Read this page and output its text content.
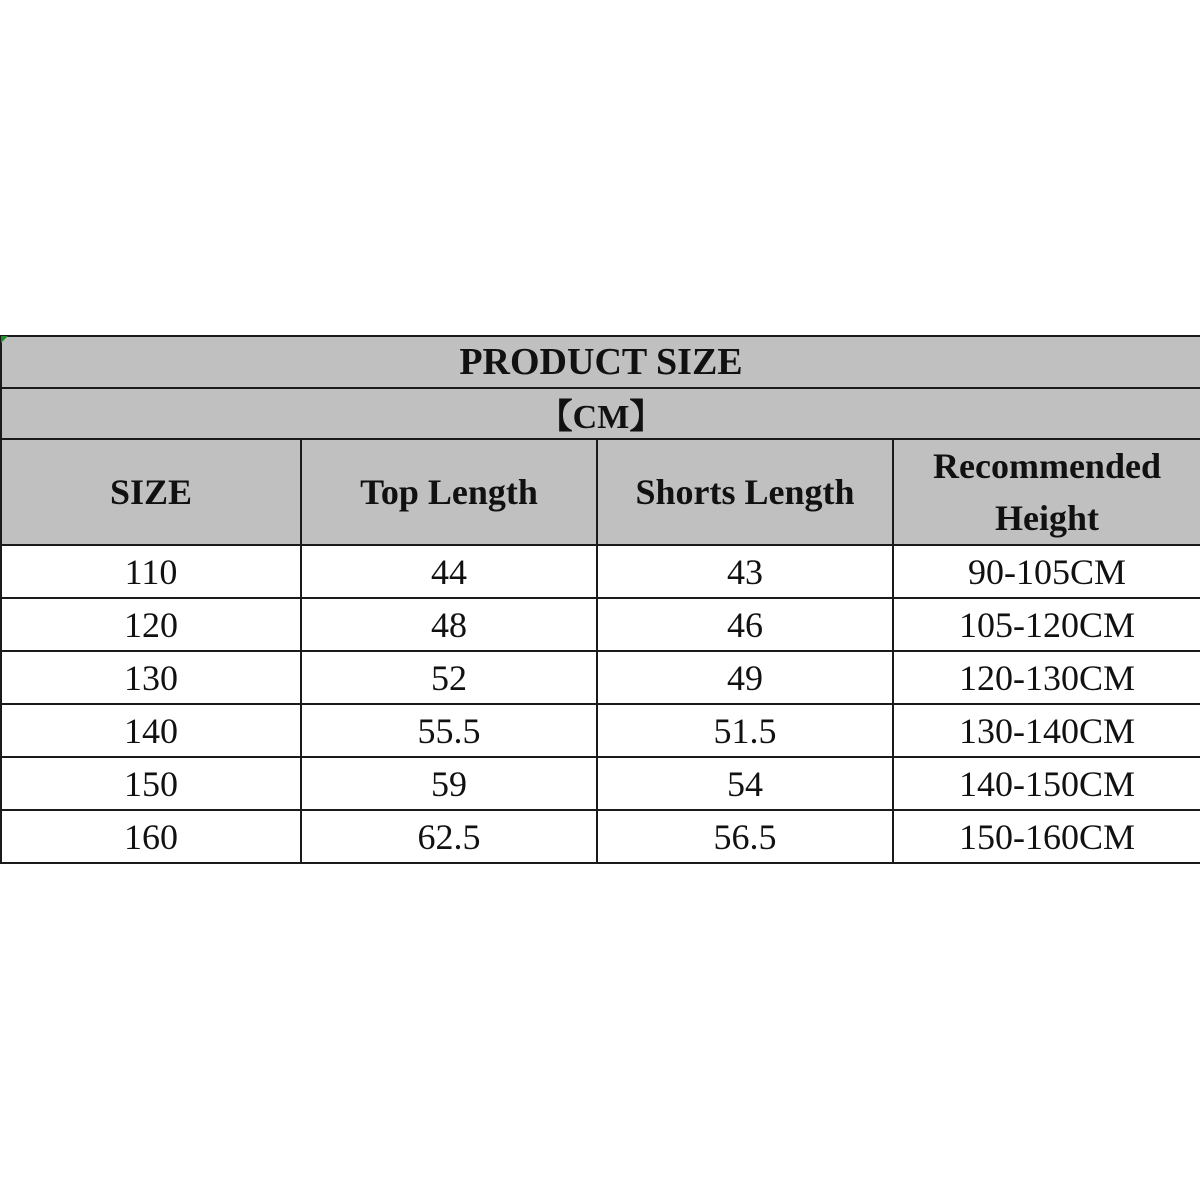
PRODUCT SIZE			
【CM】			
SIZE	Top Length	Shorts Length	Recommended Height
110	44	43	90-105CM
120	48	46	105-120CM
130	52	49	120-130CM
140	55.5	51.5	130-140CM
150	59	54	140-150CM
160	62.5	56.5	150-160CM
